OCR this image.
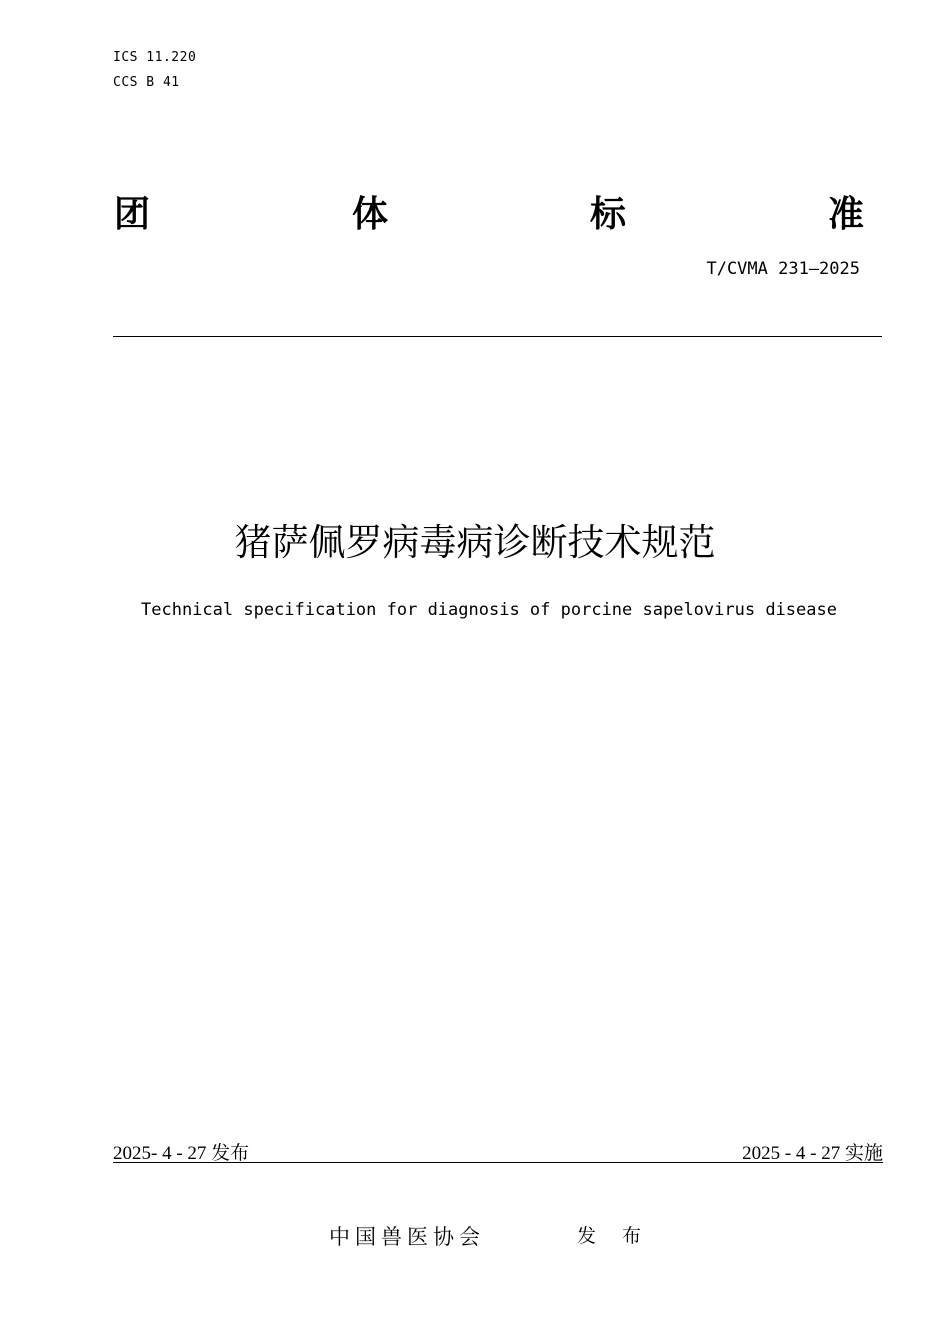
ICS 11.220
CCS B 41
团	体	标	准
T/CVMA 231—2025
猪萨佩罗病毒病诊断技术规范
Technical specification for diagnosis of porcine sapelovirus disease
2025- 4 - 27 发布	2025 - 4 - 27 实施
中国兽医协会	发 布
